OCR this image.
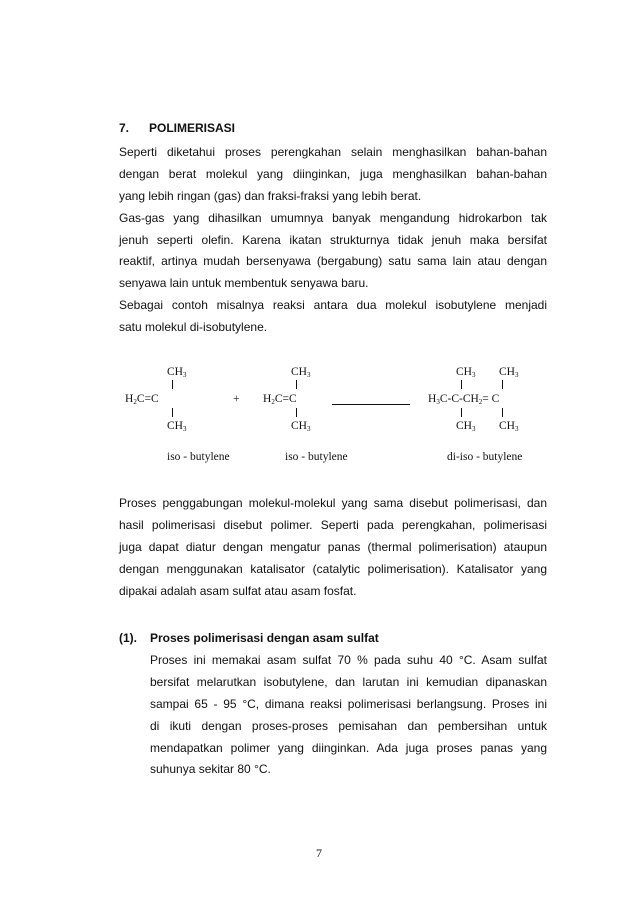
7. POLIMERISASI
Seperti diketahui proses perengkahan selain menghasilkan bahan-bahan
dengan berat molekul yang diinginkan, juga menghasilkan bahan-bahan
yang lebih ringan (gas) dan fraksi-fraksi yang lebih berat.
Gas-gas yang dihasilkan umumnya banyak mengandung hidrokarbon tak
jenuh seperti olefin. Karena ikatan strukturnya tidak jenuh maka bersifat
reaktif, artinya mudah bersenyawa (bergabung) satu sama lain atau dengan
senyawa lain untuk membentuk senyawa baru.
Sebagai contoh misalnya reaksi antara dua molekul isobutylene menjadi
satu molekul di-isobutylene.
$CH_3$
$H_2C=C$
$CH_3$
+
$CH_3$
$H_2C=C$
$CH_3$
$CH_3$ $CH_3$
$H_3C-C-CH_2= C$
$CH_3$ $CH_3$
iso - butylene	iso - butylene	di-iso - butylene
Proses penggabungan molekul-molekul yang sama disebut polimerisasi, dan
hasil polimerisasi disebut polimer. Seperti pada perengkahan, polimerisasi
juga dapat diatur dengan mengatur panas (thermal polimerisation) ataupun
dengan menggunakan katalisator (catalytic polimerisation). Katalisator yang
dipakai adalah asam sulfat atau asam fosfat.
(1). Proses polimerisasi dengan asam sulfat
Proses ini memakai asam sulfat 70 % pada suhu 40 °C. Asam sulfat
bersifat melarutkan isobutylene, dan larutan ini kemudian dipanaskan
sampai 65 - 95 °C, dimana reaksi polimerisasi berlangsung. Proses ini
di ikuti dengan proses-proses pemisahan dan pembersihan untuk
mendapatkan polimer yang diinginkan. Ada juga proses panas yang
suhunya sekitar 80 °C.
7
